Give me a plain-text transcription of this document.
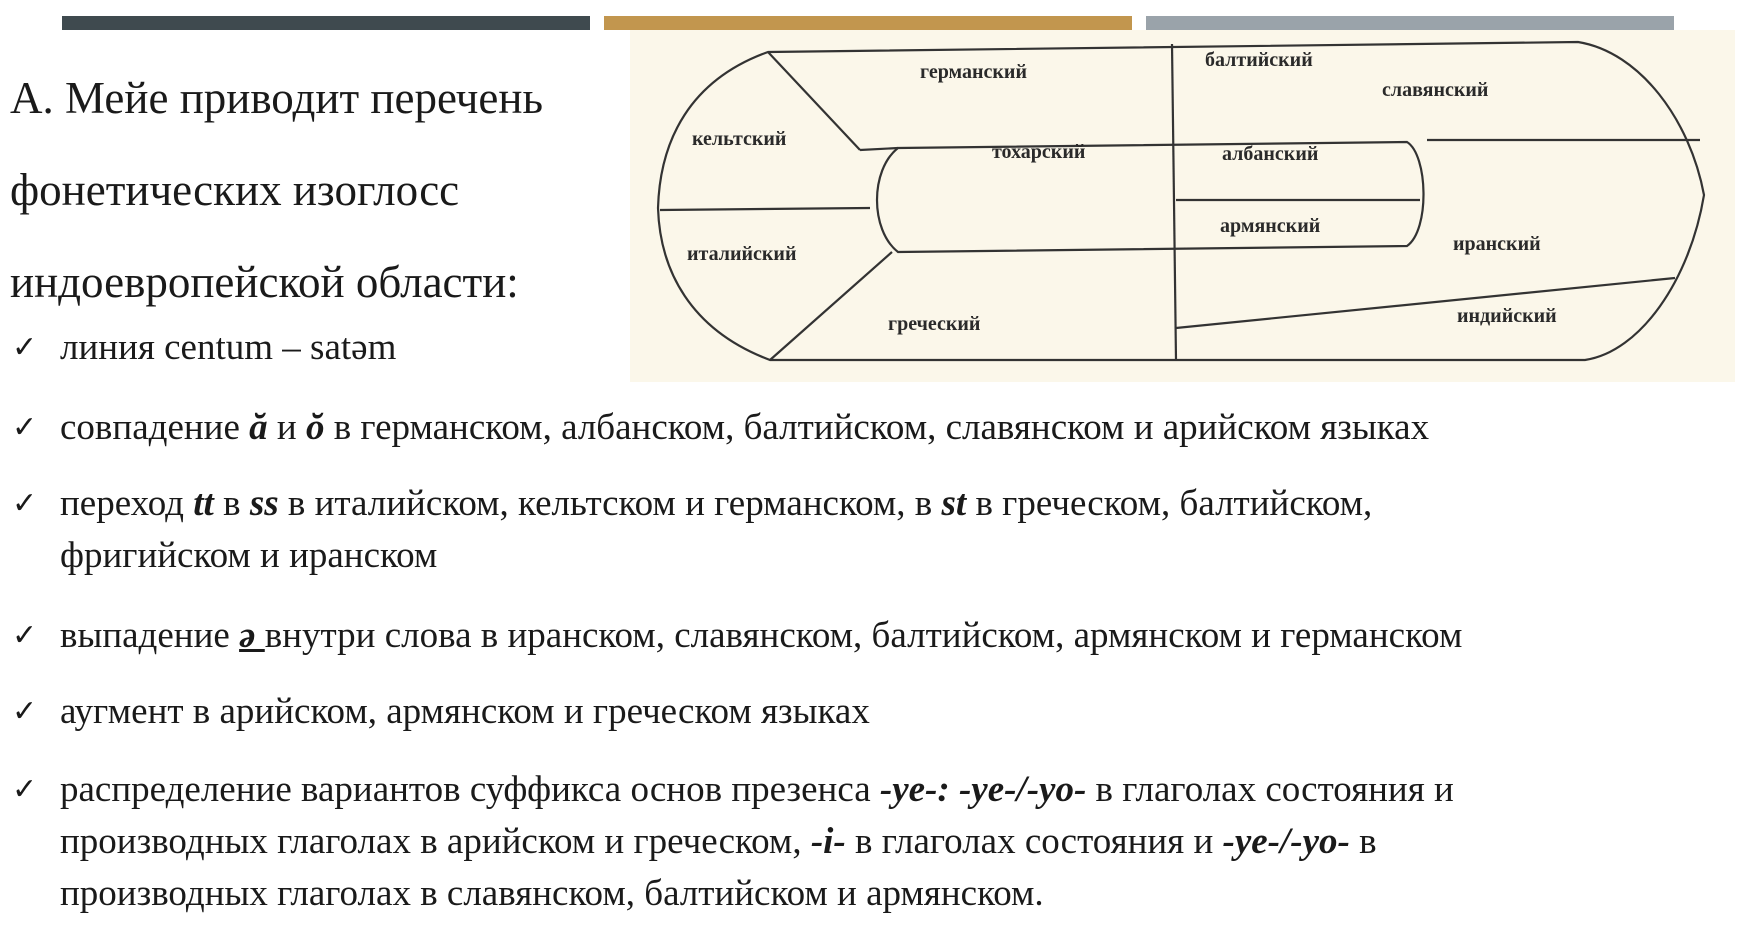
А. Мейе приводит перечень
фонетических изоглосс
индоевропейской области:

германский
балтийский
славянский
кельтский
тохарский	албанский
армянский
иранский
италийский
греческий	индийский
✓ линия centum – satəm
✓ совпадение ă и ŏ в германском, албанском, балтийском, славянском и арийском языках
✓ переход tt в ss в италийском, кельтском и германском, в st в греческом, балтийском,
фригийском и иранском
✓ выпадение ə внутри слова в иранском, славянском, балтийском, армянском и германском
✓ аугмент в арийском, армянском и греческом языках
✓ распределение вариантов суффикса основ презенса -ye-: -ye-/-yo- в глаголах состояния и
производных глаголах в арийском и греческом, -i- в глаголах состояния и -ye-/-yo- в
производных глаголах в славянском, балтийском и армянском.
